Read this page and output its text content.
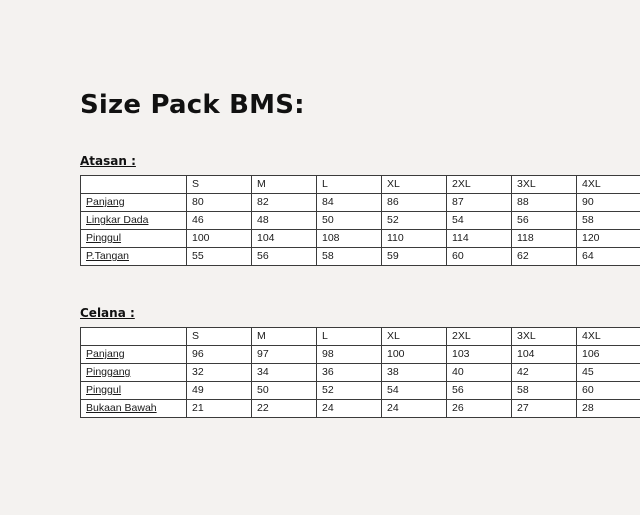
Size Pack BMS:
Atasan :
	S	M	L	XL	2XL	3XL	4XL
Panjang	80	82	84	86	87	88	90
Lingkar Dada	46	48	50	52	54	56	58
Pinggul	100	104	108	110	114	118	120
P.Tangan	55	56	58	59	60	62	64
Celana :
	S	M	L	XL	2XL	3XL	4XL
Panjang	96	97	98	100	103	104	106
Pinggang	32	34	36	38	40	42	45
Pinggul	49	50	52	54	56	58	60
Bukaan Bawah	21	22	24	24	26	27	28
